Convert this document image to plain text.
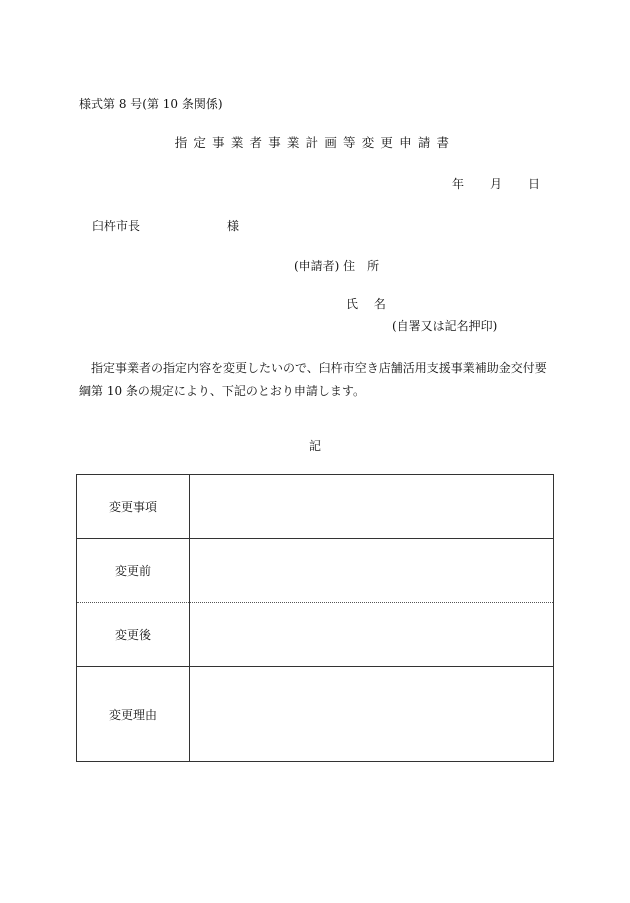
様式第 8 号(第 10 条関係)
指定事業者事業計画等変更申請書
年 月 日
臼杵市長	様
(申請者) 住　所
氏 名
(自署又は記名押印)
指定事業者の指定内容を変更したいので、臼杵市空き店舗活用支援事業補助金交付要綱第 10 条の規定により、下記のとおり申請します。
記
変更事項	
変更前	
変更後	
変更理由	
